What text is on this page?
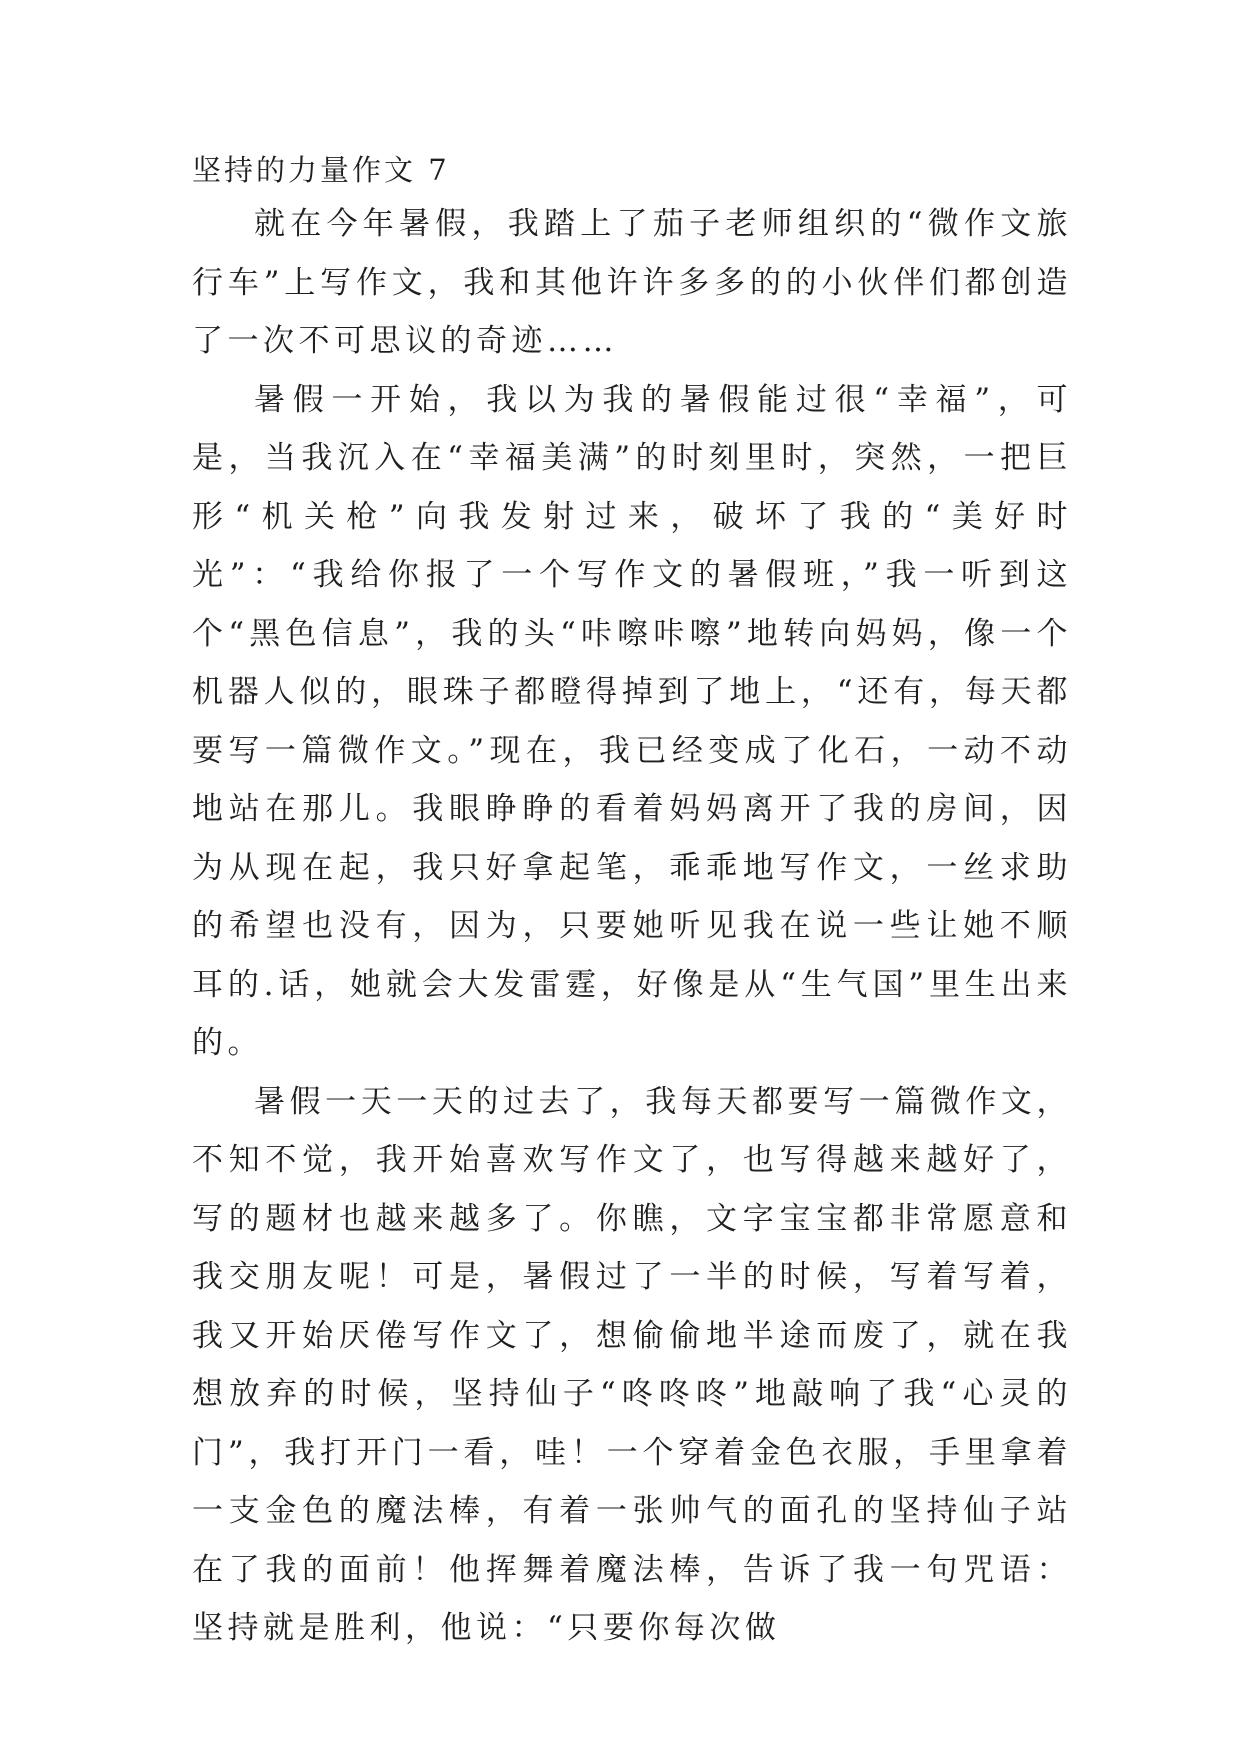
坚持的力量作文 7

就在今年暑假，我踏上了茄子老师组织的“微作文旅行车”上写作文，我和其他许许多多的的小伙伴们都创造了一次不可思议的奇迹……

暑假一开始，我以为我的暑假能过很“幸福”，可是，当我沉入在“幸福美满”的时刻里时，突然，一把巨形“机关枪”向我发射过来，破坏了我的“美好时光”：“我给你报了一个写作文的暑假班，”我一听到这个“黑色信息”，我的头“咔嚓咔嚓”地转向妈妈，像一个机器人似的，眼珠子都瞪得掉到了地上，“还有，每天都要写一篇微作文。”现在，我已经变成了化石，一动不动地站在那儿。我眼睁睁的看着妈妈离开了我的房间，因为从现在起，我只好拿起笔，乖乖地写作文，一丝求助的希望也没有，因为，只要她听见我在说一些让她不顺耳的.话，她就会大发雷霆，好像是从“生气国”里生出来的。

暑假一天一天的过去了，我每天都要写一篇微作文，不知不觉，我开始喜欢写作文了，也写得越来越好了，写的题材也越来越多了。你瞧，文字宝宝都非常愿意和我交朋友呢！可是，暑假过了一半的时候，写着写着，我又开始厌倦写作文了，想偷偷地半途而废了，就在我想放弃的时候，坚持仙子“咚咚咚”地敲响了我“心灵的门”，我打开门一看，哇！一个穿着金色衣服，手里拿着一支金色的魔法棒，有着一张帅气的面孔的坚持仙子站在了我的面前！他挥舞着魔法棒，告诉了我一句咒语：坚持就是胜利，他说：“只要你每次做
